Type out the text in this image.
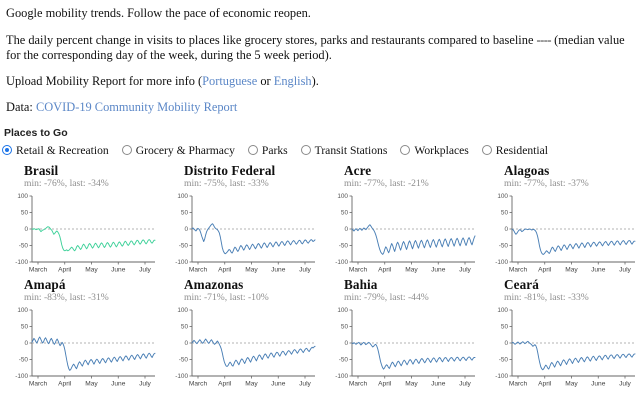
Google mobility trends. Follow the pace of economic reopen.

The daily percent change in visits to places like grocery stores, parks and restaurants compared to baseline ---- (median value for the corresponding day of the week, during the 5 week period).

Upload Mobility Report for more info (Portuguese or English).

Data: COVID-19 Community Mobility Report

Places to Go
Retail & Recreation Grocery & Pharmacy Parks Transit Stations Workplaces Residential
Brasil
min: -76%, last: -34%
100
50
0
-50
-100
March April May June July
Distrito Federal
min: -75%, last: -33%
100
50
0
-50
-100
March April May June July
Acre
min: -77%, last: -21%
100
50
0
-50
-100
March April May June July
Alagoas
min: -77%, last: -37%
100
50
0
-50
-100
March April May June July
Amapá
min: -83%, last: -31%
100
50
0
-50
-100
March April May June July
Amazonas
min: -71%, last: -10%
100
50
0
-50
-100
March April May June July
Bahia
min: -79%, last: -44%
100
50
0
-50
-100
March April May June July
Ceará
min: -81%, last: -33%
100
50
0
-50
-100
March April May June July
